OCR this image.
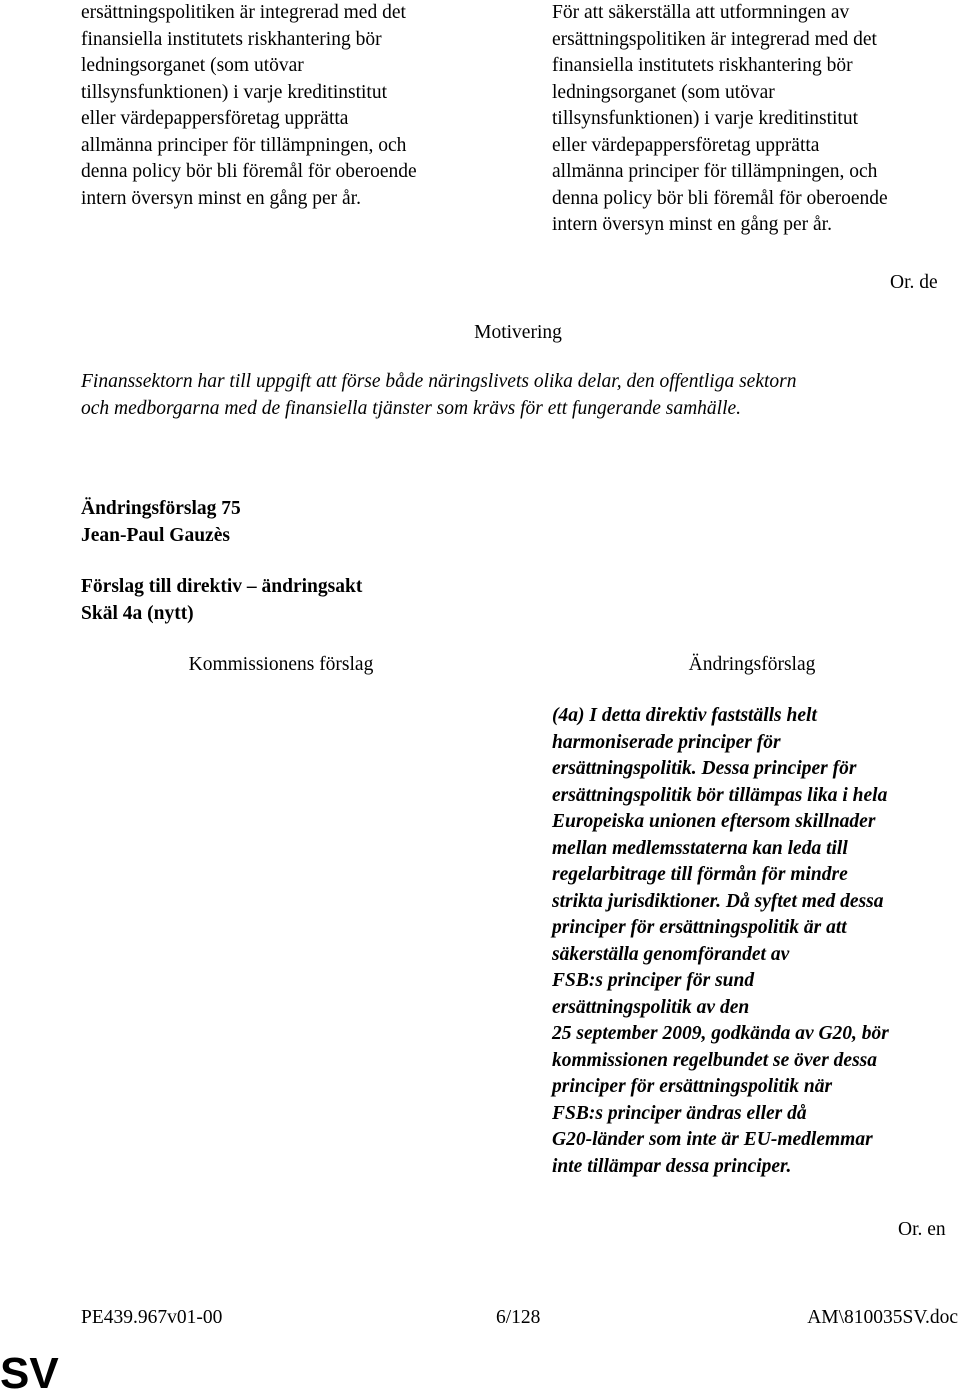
ersättningspolitiken är integrerad med det
finansiella institutets riskhantering bör
ledningsorganet (som utövar
tillsynsfunktionen) i varje kreditinstitut
eller värdepappersföretag upprätta
allmänna principer för tillämpningen, och
denna policy bör bli föremål för oberoende
intern översyn minst en gång per år.

För att säkerställa att utformningen av
ersättningspolitiken är integrerad med det
finansiella institutets riskhantering bör
ledningsorganet (som utövar
tillsynsfunktionen) i varje kreditinstitut
eller värdepappersföretag upprätta
allmänna principer för tillämpningen, och
denna policy bör bli föremål för oberoende
intern översyn minst en gång per år.

Or. de
Motivering
Finanssektorn har till uppgift att förse både näringslivets olika delar, den offentliga sektorn
och medborgarna med de finansiella tjänster som krävs för ett fungerande samhälle.
Ändringsförslag 75
Jean-Paul Gauzès
Förslag till direktiv – ändringsakt
Skäl 4a (nytt)
Kommissionens förslag	Ändringsförslag
(4a) I detta direktiv fastställs helt
harmoniserade principer för
ersättningspolitik. Dessa principer för
ersättningspolitik bör tillämpas lika i hela
Europeiska unionen eftersom skillnader
mellan medlemsstaterna kan leda till
regelarbitrage till förmån för mindre
strikta jurisdiktioner. Då syftet med dessa
principer för ersättningspolitik är att
säkerställa genomförandet av
FSB:s principer för sund
ersättningspolitik av den
25 september 2009, godkända av G20, bör
kommissionen regelbundet se över dessa
principer för ersättningspolitik när
FSB:s principer ändras eller då
G20-länder som inte är EU-medlemmar
inte tillämpar dessa principer.
Or. en
PE439.967v01-00	6/128	AM\810035SV.doc
SV
